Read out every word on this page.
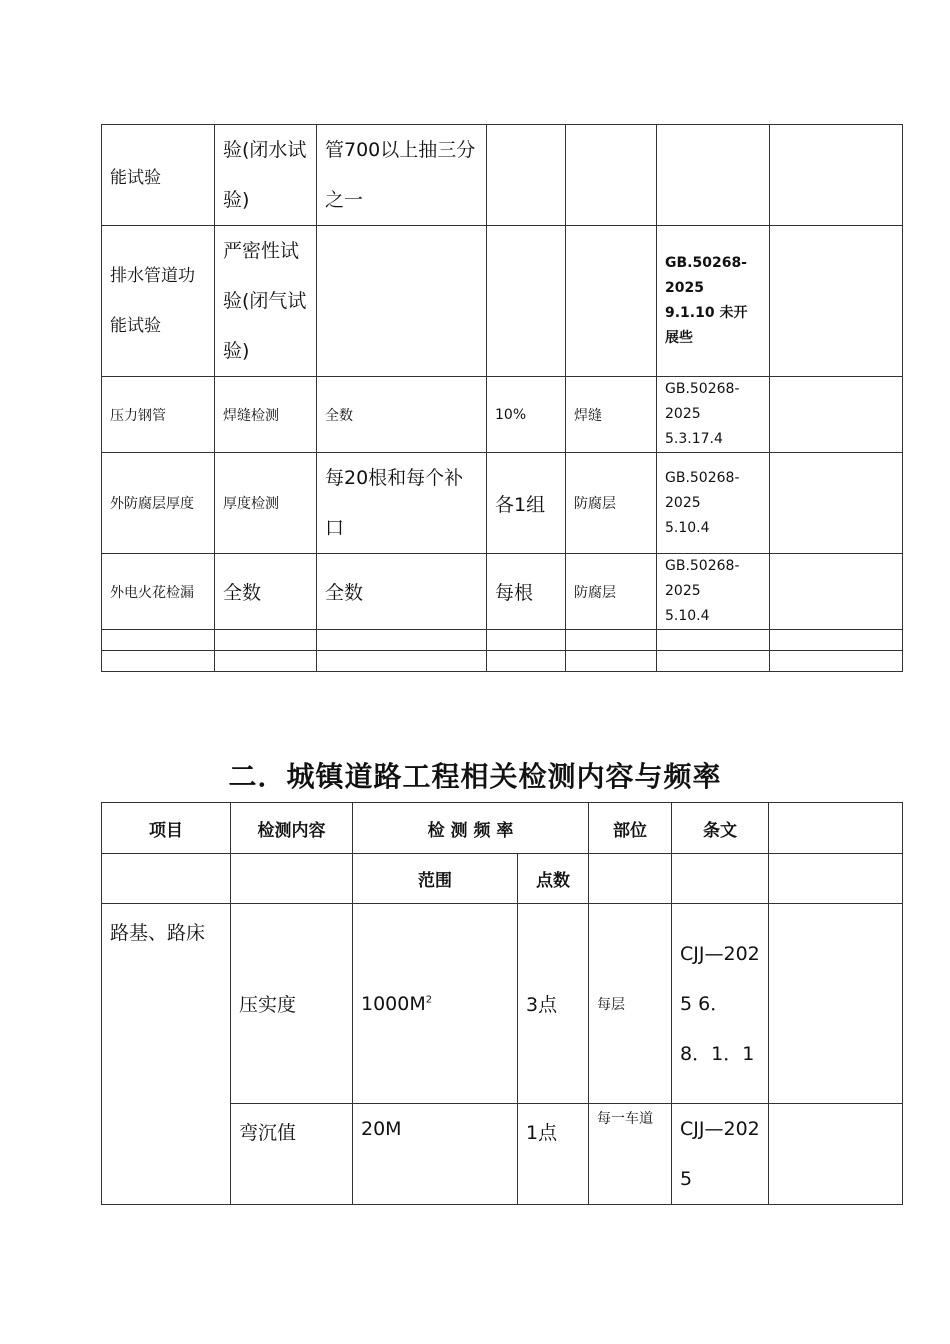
能试验	验(闭水试验)	管700以上抽三分之一				
排水管道功能试验	严密性试验(闭气试验)				GB.50268-2025
9.1.10 未开展些	

压力钢管	焊缝检测	全数	10%	焊缝	GB.50268-2025
5.3.17.4	

外防腐层厚度	厚度检测	每20根和每个补口	各1组	防腐层	GB.50268-2025
5.10.4	

外电火花检漏	全数	全数	每根	防腐层	GB.50268-2025
5.10.4	

二．城镇道路工程相关检测内容与频率
项目	检测内容	检 测 频 率		部位	条文	
		范围	点数			
路基、路床	压实度	$1000M^2$	3点	每层	CJJ—2025 6．8．1．1	
	弯沉值	20M	1点	每一车道	CJJ—2025	
